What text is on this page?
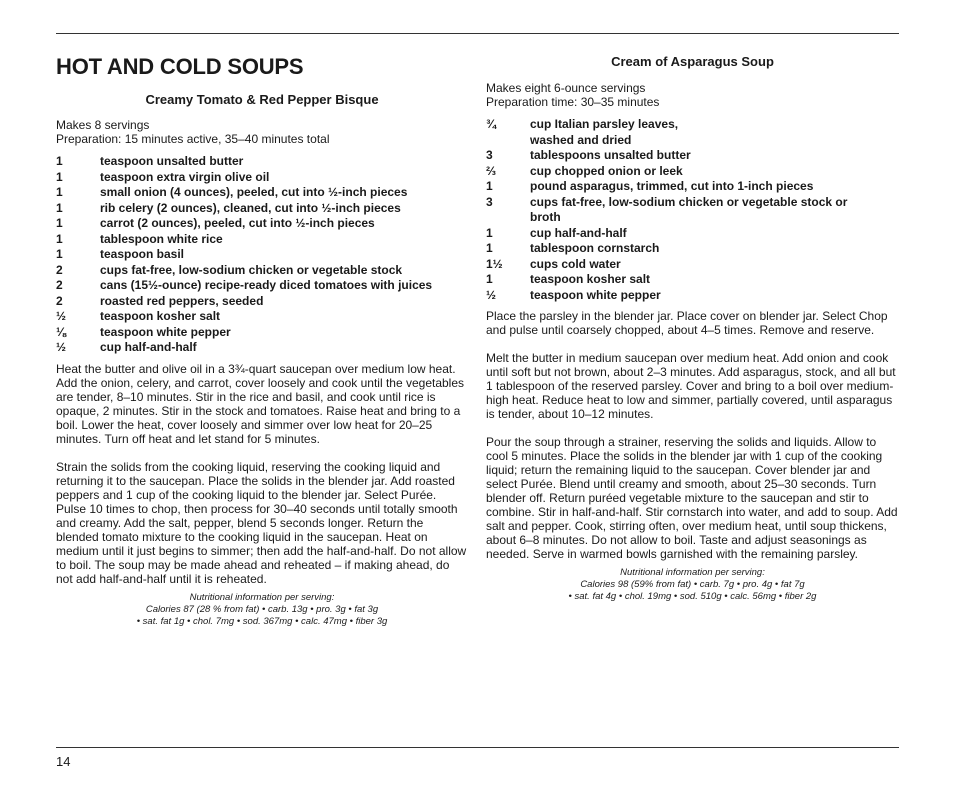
HOT AND COLD SOUPS
Creamy Tomato & Red Pepper Bisque
Makes 8 servings
Preparation: 15 minutes active, 35–40 minutes total
1	teaspoon unsalted butter
1	teaspoon extra virgin olive oil
1	small onion (4 ounces), peeled, cut into ½-inch pieces
1	rib celery (2 ounces), cleaned, cut into ½-inch pieces
1	carrot (2 ounces), peeled, cut into ½-inch pieces
1	tablespoon white rice
1	teaspoon basil
2	cups fat-free, low-sodium chicken or vegetable stock
2	cans (15½-ounce) recipe-ready diced tomatoes with juices
2	roasted red peppers, seeded
½	teaspoon kosher salt
⅛	teaspoon white pepper
½	cup half-and-half

Heat the butter and olive oil in a 3¾-quart saucepan over medium low heat. Add the onion, celery, and carrot, cover loosely and cook until the vegetables are tender, 8–10 minutes. Stir in the rice and basil, and cook until rice is opaque, 2 minutes. Stir in the stock and tomatoes. Raise heat and bring to a boil. Lower the heat, cover loosely and simmer over low heat for 20–25 minutes. Turn off heat and let stand for 5 minutes.

Strain the solids from the cooking liquid, reserving the cooking liquid and returning it to the saucepan. Place the solids in the blender jar. Add roasted peppers and 1 cup of the cooking liquid to the blender jar. Select Purée. Pulse 10 times to chop, then process for 30–40 seconds until totally smooth and creamy. Add the salt, pepper, blend 5 seconds longer. Return the blended tomato mixture to the cooking liquid in the saucepan. Heat on medium until it just begins to simmer; then add the half-and-half. Do not allow to boil. The soup may be made ahead and reheated – if making ahead, do not add half-and-half until it is reheated.

Nutritional information per serving:
Calories 87 (28 % from fat) • carb. 13g • pro. 3g • fat 3g
• sat. fat 1g • chol. 7mg • sod. 367mg • calc. 47mg • fiber 3g
Cream of Asparagus Soup
Makes eight 6-ounce servings
Preparation time: 30–35 minutes
¾	cup Italian parsley leaves, washed and dried
3	tablespoons unsalted butter
⅔	cup chopped onion or leek
1	pound asparagus, trimmed, cut into 1-inch pieces
3	cups fat-free, low-sodium chicken or vegetable stock or broth
1	cup half-and-half
1	tablespoon cornstarch
1½	cups cold water
1	teaspoon kosher salt
½	teaspoon white pepper

Place the parsley in the blender jar. Place cover on blender jar. Select Chop and pulse until coarsely chopped, about 4–5 times. Remove and reserve.

Melt the butter in medium saucepan over medium heat. Add onion and cook until soft but not brown, about 2–3 minutes. Add asparagus, stock, and all but 1 tablespoon of the reserved parsley. Cover and bring to a boil over medium-high heat. Reduce heat to low and simmer, partially covered, until asparagus is tender, about 10–12 minutes.

Pour the soup through a strainer, reserving the solids and liquids. Allow to cool 5 minutes. Place the solids in the blender jar with 1 cup of the cooking liquid; return the remaining liquid to the saucepan. Cover blender jar and select Purée. Blend until creamy and smooth, about 25–30 seconds. Turn blender off. Return puréed vegetable mixture to the saucepan and stir to combine. Stir in half-and-half. Stir cornstarch into water, and add to soup. Add salt and pepper. Cook, stirring often, over medium heat, until soup thickens, about 6–8 minutes. Do not allow to boil. Taste and adjust seasonings as needed. Serve in warmed bowls garnished with the remaining parsley.

Nutritional information per serving:
Calories 98 (59% from fat) • carb. 7g • pro. 4g • fat 7g
• sat. fat 4g • chol. 19mg • sod. 510g • calc. 56mg • fiber 2g
14
